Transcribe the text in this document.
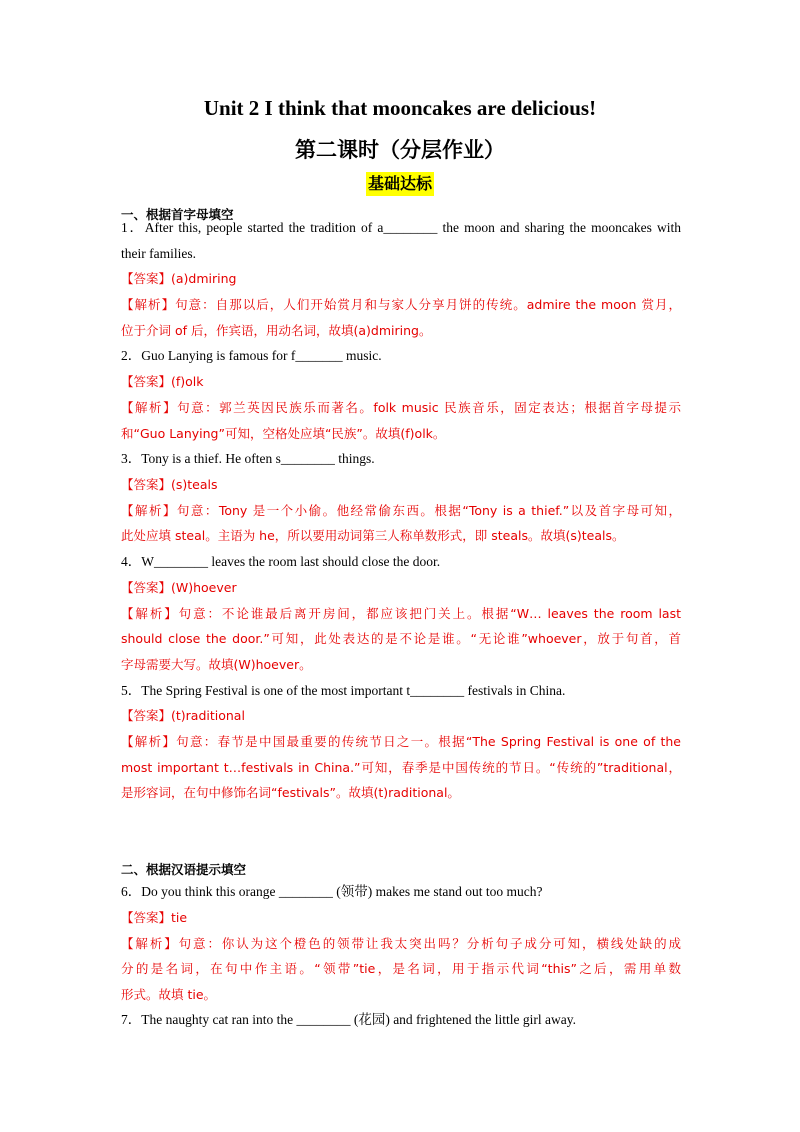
Unit 2 I think that mooncakes are delicious!
第二课时（分层作业）
基础达标
一、根据首字母填空
1．After this, people started the tradition of a________ the moon and sharing the mooncakes with
their families.
【答案】(a)dmiring
【解析】句意：自那以后，人们开始赏月和与家人分享月饼的传统。admire the moon 赏月，
位于介词 of 后，作宾语，用动名词，故填(a)dmiring。
2．Guo Lanying is famous for f_______ music.
【答案】(f)olk
【解析】句意：郭兰英因民族乐而著名。folk music 民族音乐，固定表达；根据首字母提示
和“Guo Lanying”可知，空格处应填“民族”。故填(f)olk。
3．Tony is a thief. He often s________ things.
【答案】(s)teals
【解析】句意：Tony 是一个小偷。他经常偷东西。根据“Tony is a thief.”以及首字母可知，
此处应填 steal。主语为 he，所以要用动词第三人称单数形式，即 steals。故填(s)teals。
4．W________ leaves the room last should close the door.
【答案】(W)hoever
【解析】句意：不论谁最后离开房间，都应该把门关上。根据“W… leaves the room last
should close the door.”可知，此处表达的是不论是谁。“无论谁”whoever，放于句首，首
字母需要大写。故填(W)hoever。
5．The Spring Festival is one of the most important t________ festivals in China.
【答案】(t)raditional
【解析】句意：春节是中国最重要的传统节日之一。根据“The Spring Festival is one of the
most important t…festivals in China.”可知，春季是中国传统的节日。“传统的”traditional，
是形容词，在句中修饰名词“festivals”。故填(t)raditional。
二、根据汉语提示填空
6．Do you think this orange ________ (领带) makes me stand out too much?
【答案】tie
【解析】句意：你认为这个橙色的领带让我太突出吗？分析句子成分可知，横线处缺的成
分的是名词，在句中作主语。“领带”tie，是名词，用于指示代词“this”之后，需用单数
形式。故填 tie。
7．The naughty cat ran into the ________ (花园) and frightened the little girl away.
